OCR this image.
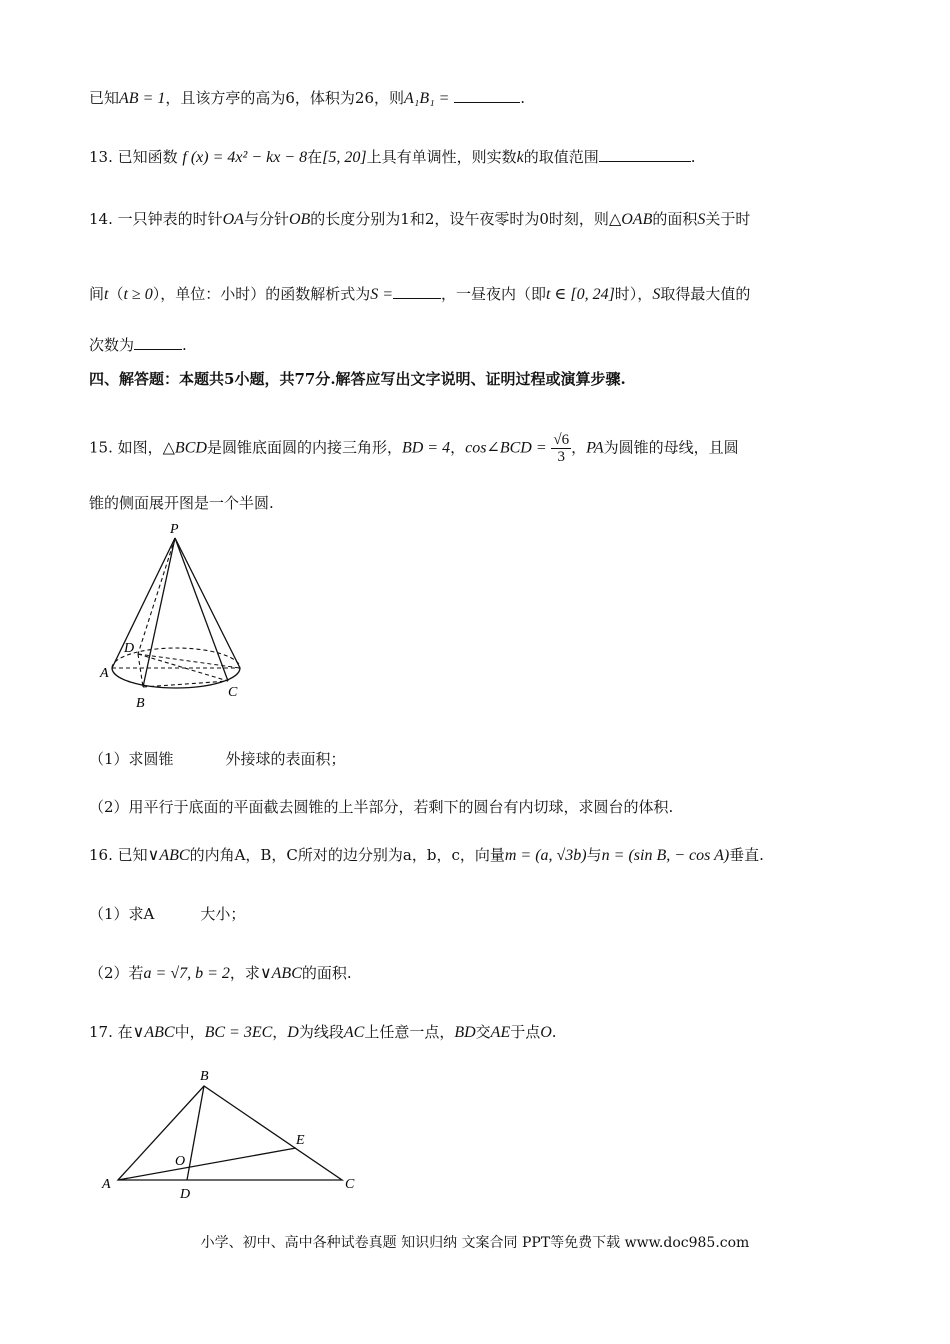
已知AB = 1，且该方亭的高为6，体积为26，则A₁B₁ =	.
13. 已知函数 f (x) = 4x² − kx − 8在[5, 20]上具有单调性，则实数k的取值范围	.
14. 一只钟表的时针OA与分针OB的长度分别为1和2，设午夜零时为0时刻，则△OAB的面积S关于时
间t（t ≥ 0），单位：小时）的函数解析式为S =	，一昼夜内（即t ∈ [0, 24]时），S取得最大值的
次数为	.
四、解答题：本题共5小题，共77分.解答应写出文字说明、证明过程或演算步骤.
15. 如图，△BCD是圆锥底面圆的内接三角形，BD = 4，cos∠BCD = $\frac{√6}{3}$ ，PA为圆锥的母线，且圆
锥的侧面展开图是一个半圆.
P
A
B
C
D
（1）求圆锥	外接球的表面积；
（2）用平行于底面的平面截去圆锥的上半部分，若剩下的圆台有内切球，求圆台的体积.
16. 已知∨ABC的内角A，B，C所对的边分别为a，b，c，向量m = (a, √3b)与n = (sin B, − cos A)垂直.
（1）求A	大小；
（2）若a = √7, b = 2，求∨ABC的面积.
17. 在∨ABC中，BC = 3EC，D为线段AC上任意一点，BD交AE于点O.
B
A	C
D
E
O
小学、初中、高中各种试卷真题 知识归纳 文案合同 PPT等免费下载 www.doc985.com
